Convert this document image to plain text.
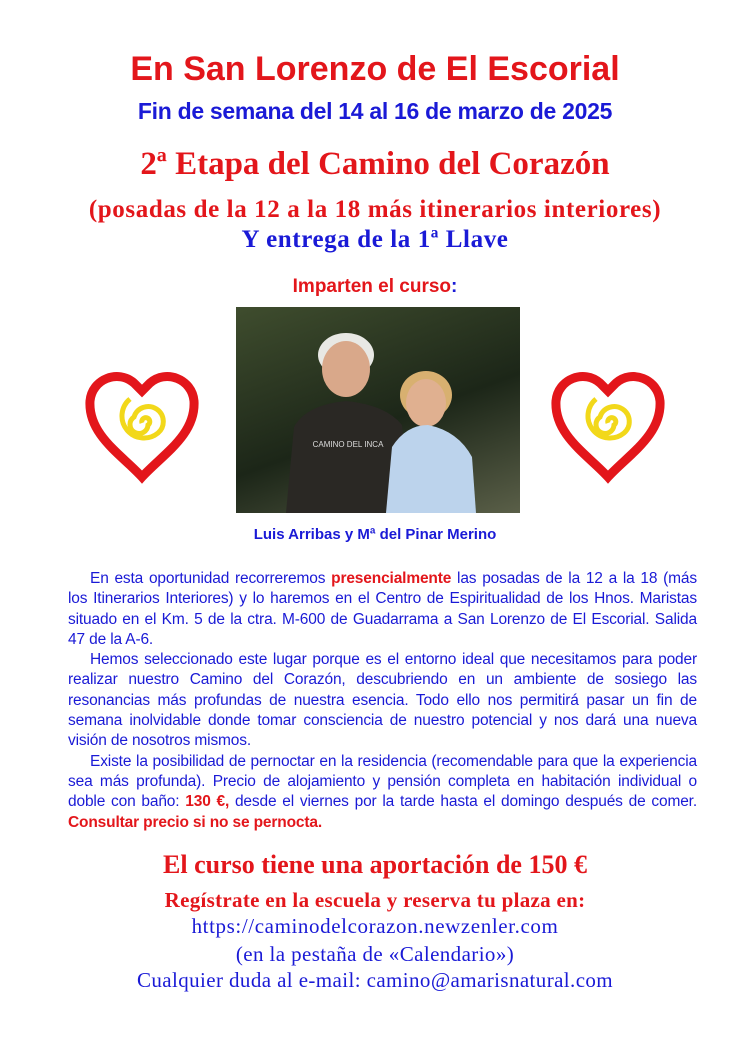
En San Lorenzo de El Escorial
Fin de semana del 14 al 16 de marzo de 2025
2ª Etapa del Camino del Corazón
(posadas de la 12 a la 18 más itinerarios interiores)
Y entrega de la 1ª Llave
Imparten el curso:
CAMINO DEL INCA
Luis Arribas y Mª del Pinar Merino

En esta oportunidad recorreremos presencialmente las posadas de la 12 a la 18 (más los Itinerarios Interiores) y lo haremos en el Centro de Espiritualidad de los Hnos. Maristas situado en el Km. 5 de la ctra. M-600 de Guadarrama a San Lorenzo de El Escorial. Salida 47 de la A-6.

Hemos seleccionado este lugar porque es el entorno ideal que necesitamos para poder realizar nuestro Camino del Corazón, descubriendo en un ambiente de sosiego las resonancias más profundas de nuestra esencia. Todo ello nos permitirá pasar un fin de semana inolvidable donde tomar consciencia de nuestro potencial y nos dará una nueva visión de nosotros mismos.

Existe la posibilidad de pernoctar en la residencia (recomendable para que la experiencia sea más profunda). Precio de alojamiento y pensión completa en habitación individual o doble con baño: 130 €, desde el viernes por la tarde hasta el domingo después de comer. Consultar precio si no se pernocta.

El curso tiene una aportación de 150 €
Regístrate en la escuela y reserva tu plaza en:
https://caminodelcorazon.newzenler.com
(en la pestaña de «Calendario»)
Cualquier duda al e-mail: camino@amarisnatural.com
